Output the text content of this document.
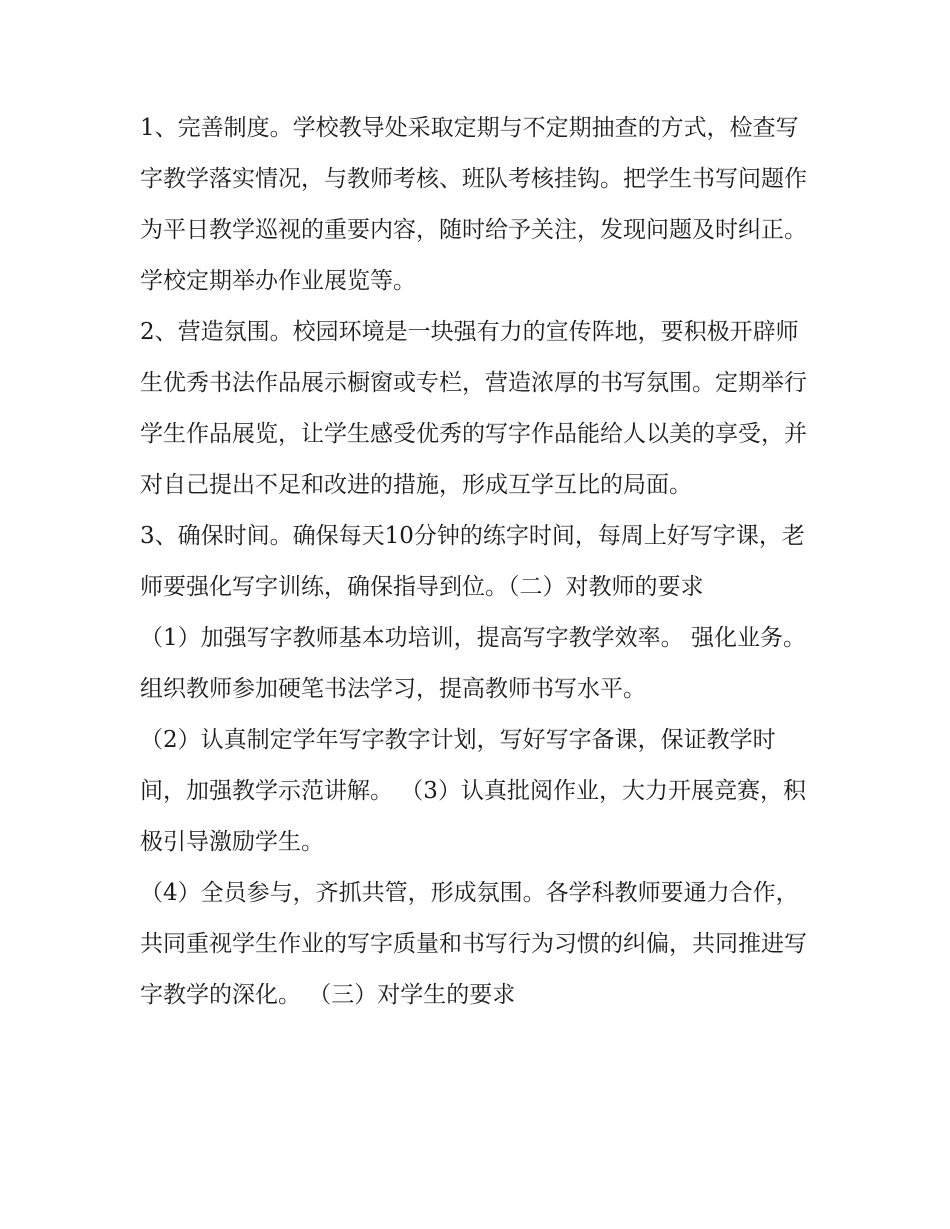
1、完善制度。学校教导处采取定期与不定期抽查的方式，检查写字教学落实情况，与教师考核、班队考核挂钩。把学生书写问题作为平日教学巡视的重要内容，随时给予关注，发现问题及时纠正。学校定期举办作业展览等。

2、营造氛围。校园环境是一块强有力的宣传阵地，要积极开辟师生优秀书法作品展示橱窗或专栏，营造浓厚的书写氛围。定期举行学生作品展览，让学生感受优秀的写字作品能给人以美的享受，并对自己提出不足和改进的措施，形成互学互比的局面。

3、确保时间。确保每天10分钟的练字时间，每周上好写字课，老师要强化写字训练，确保指导到位。（二）对教师的要求

（1）加强写字教师基本功培训，提高写字教学效率。 强化业务。组织教师参加硬笔书法学习，提高教师书写水平。

（2）认真制定学年写字教字计划，写好写字备课，保证教学时间，加强教学示范讲解。 （3）认真批阅作业，大力开展竞赛，积极引导激励学生。

（4）全员参与，齐抓共管，形成氛围。各学科教师要通力合作，共同重视学生作业的写字质量和书写行为习惯的纠偏，共同推进写字教学的深化。 （三）对学生的要求
